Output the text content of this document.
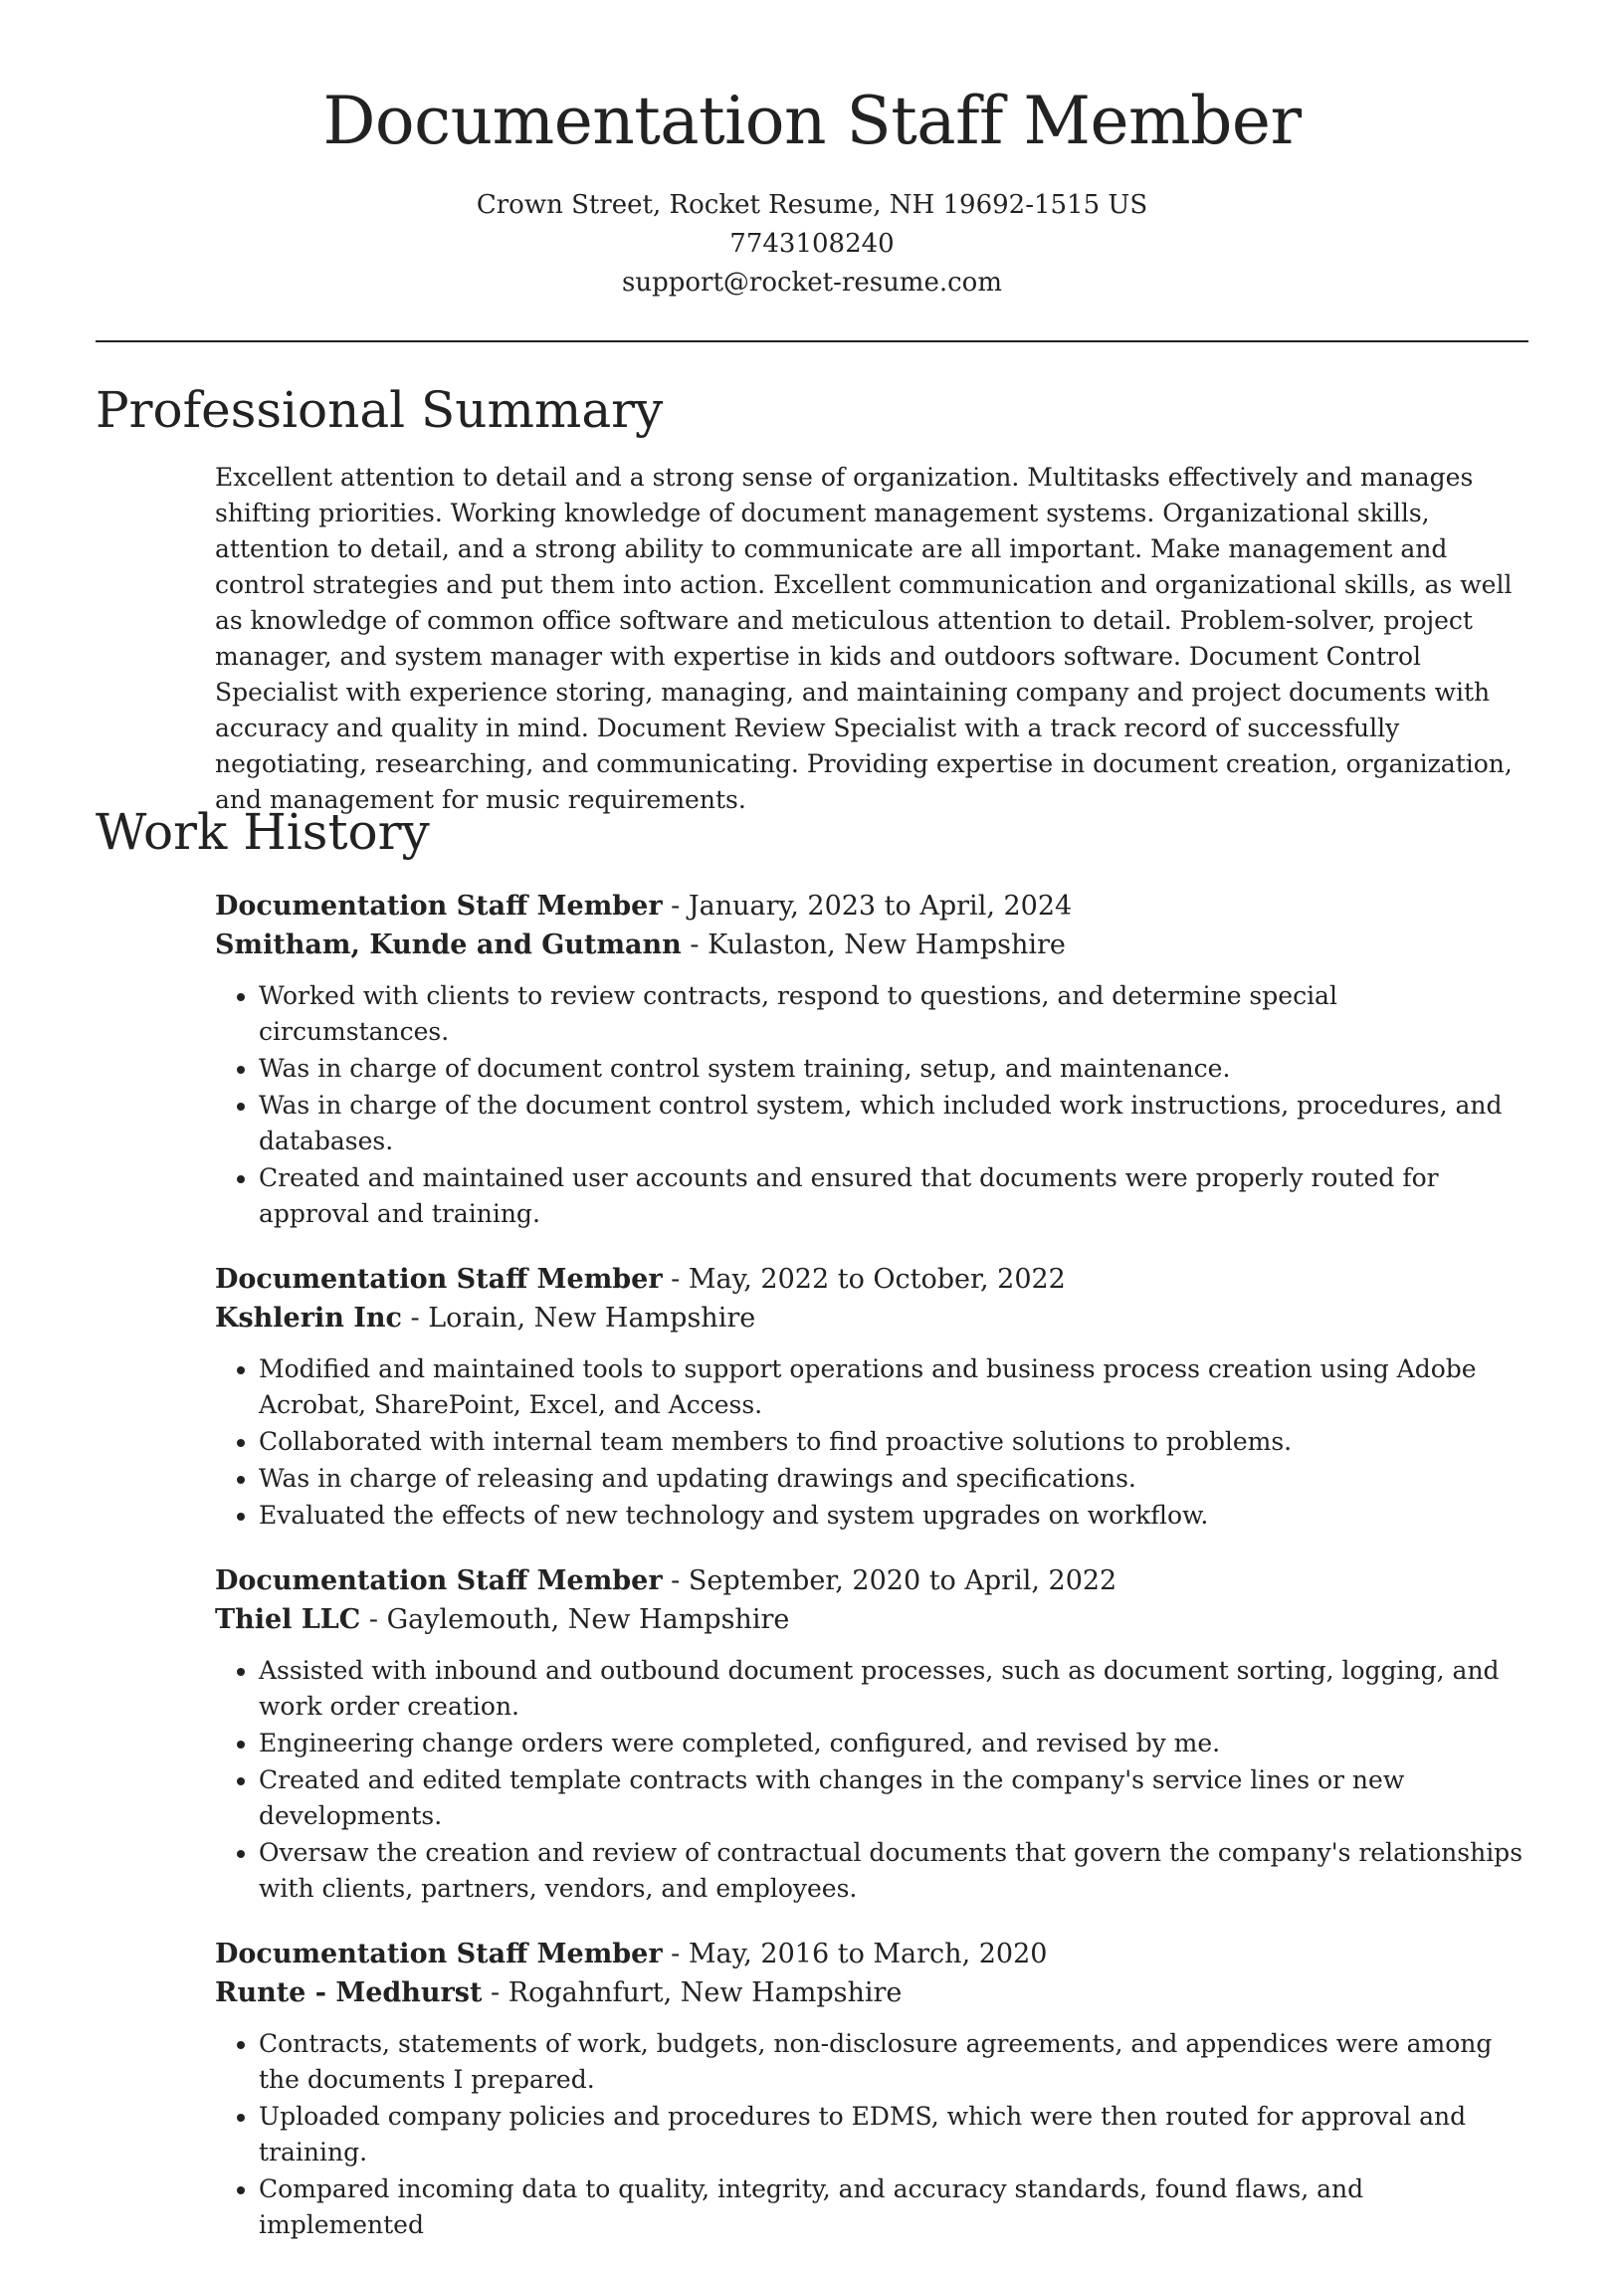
Documentation Staff Member
Crown Street, Rocket Resume, NH 19692-1515 US
7743108240
support@rocket-resume.com
Professional Summary

Excellent attention to detail and a strong sense of organization. Multitasks effectively and manages shifting priorities. Working knowledge of document management systems. Organizational skills, attention to detail, and a strong ability to communicate are all important. Make management and control strategies and put them into action. Excellent communication and organizational skills, as well as knowledge of common office software and meticulous attention to detail. Problem-solver, project manager, and system manager with expertise in kids and outdoors software. Document Control Specialist with experience storing, managing, and maintaining company and project documents with accuracy and quality in mind. Document Review Specialist with a track record of successfully negotiating, researching, and communicating. Providing expertise in document creation, organization, and management for music requirements.

Work History
Documentation Staff Member - January, 2023 to April, 2024
Smitham, Kunde and Gutmann - Kulaston, New Hampshire
• Worked with clients to review contracts, respond to questions, and determine special circumstances.
• Was in charge of document control system training, setup, and maintenance.
• Was in charge of the document control system, which included work instructions, procedures, and databases.
• Created and maintained user accounts and ensured that documents were properly routed for approval and training.
Documentation Staff Member - May, 2022 to October, 2022
Kshlerin Inc - Lorain, New Hampshire
• Modified and maintained tools to support operations and business process creation using Adobe Acrobat, SharePoint, Excel, and Access.
• Collaborated with internal team members to find proactive solutions to problems.
• Was in charge of releasing and updating drawings and specifications.
• Evaluated the effects of new technology and system upgrades on workflow.
Documentation Staff Member - September, 2020 to April, 2022
Thiel LLC - Gaylemouth, New Hampshire
• Assisted with inbound and outbound document processes, such as document sorting, logging, and work order creation.
• Engineering change orders were completed, configured, and revised by me.
• Created and edited template contracts with changes in the company's service lines or new developments.
• Oversaw the creation and review of contractual documents that govern the company's relationships with clients, partners, vendors, and employees.
Documentation Staff Member - May, 2016 to March, 2020
Runte - Medhurst - Rogahnfurt, New Hampshire
• Contracts, statements of work, budgets, non-disclosure agreements, and appendices were among the documents I prepared.
• Uploaded company policies and procedures to EDMS, which were then routed for approval and training.
• Compared incoming data to quality, integrity, and accuracy standards, found flaws, and implemented
